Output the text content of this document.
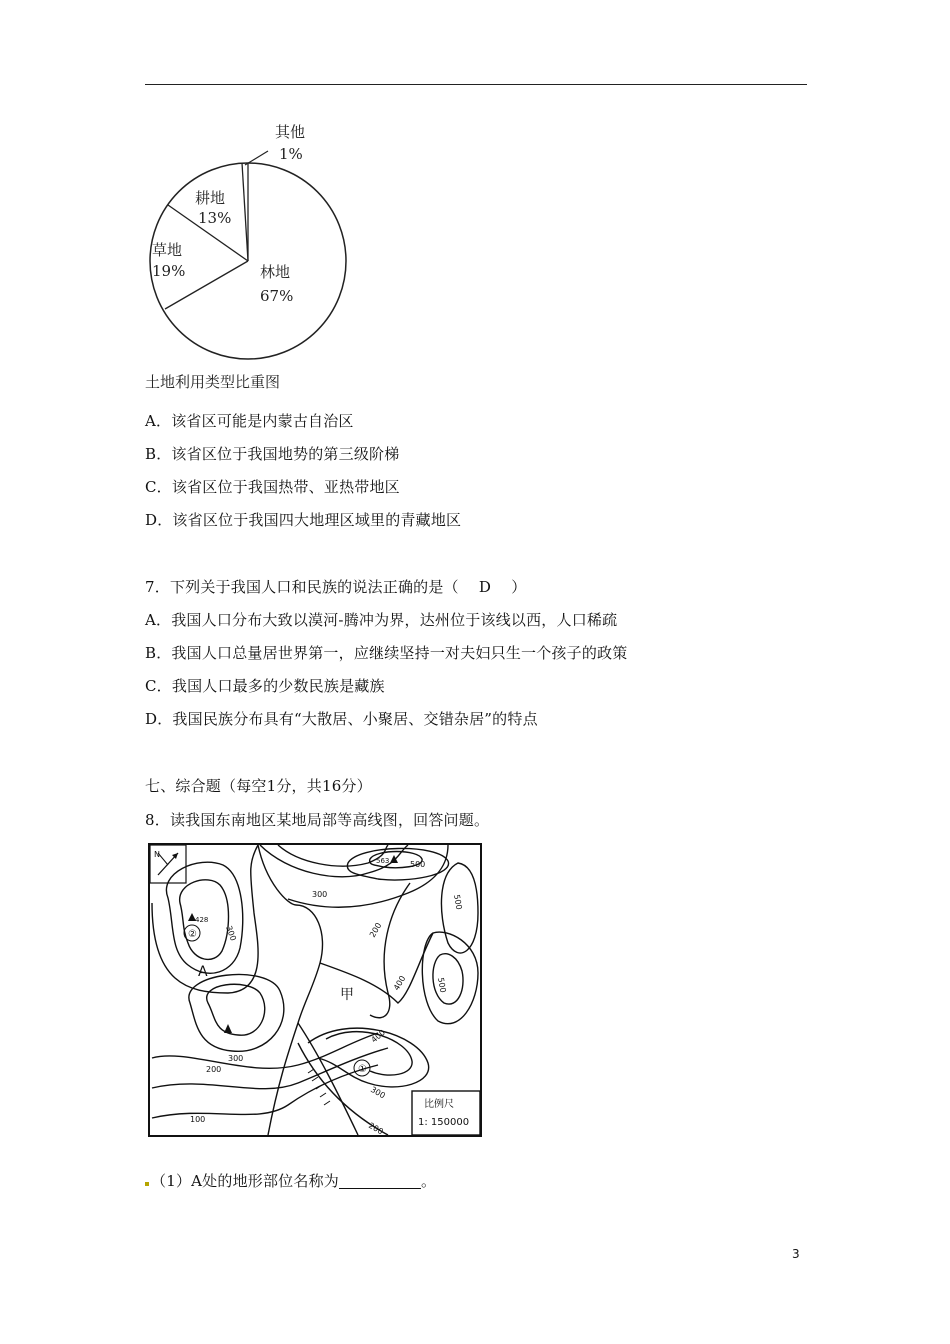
其他
1%
耕地
13%
草地
19%	林地
67%
土地利用类型比重图
A．该省区可能是内蒙古自治区
B．该省区位于我国地势的第三级阶梯
C．该省区位于我国热带、亚热带地区
D．该省区位于我国四大地理区域里的青藏地区
7．下列关于我国人口和民族的说法正确的是（　 D　 ）
A．我国人口分布大致以漠河-腾冲为界，达州位于该线以西，人口稀疏
B．我国人口总量居世界第一，应继续坚持一对夫妇只生一个孩子的政策
C．我国人口最多的少数民族是藏族
D．我国民族分布具有“大散居、小聚居、交错杂居”的特点
七、综合题（每空1分，共16分）
8．读我国东南地区某地局部等高线图，回答问题。
N
428
②	300
A
300
200
100
甲
563	500
300	500
500
200
400
①
300
400
200
比例尺
1: 150000
（1）A处的地形部位名称为	。
3
